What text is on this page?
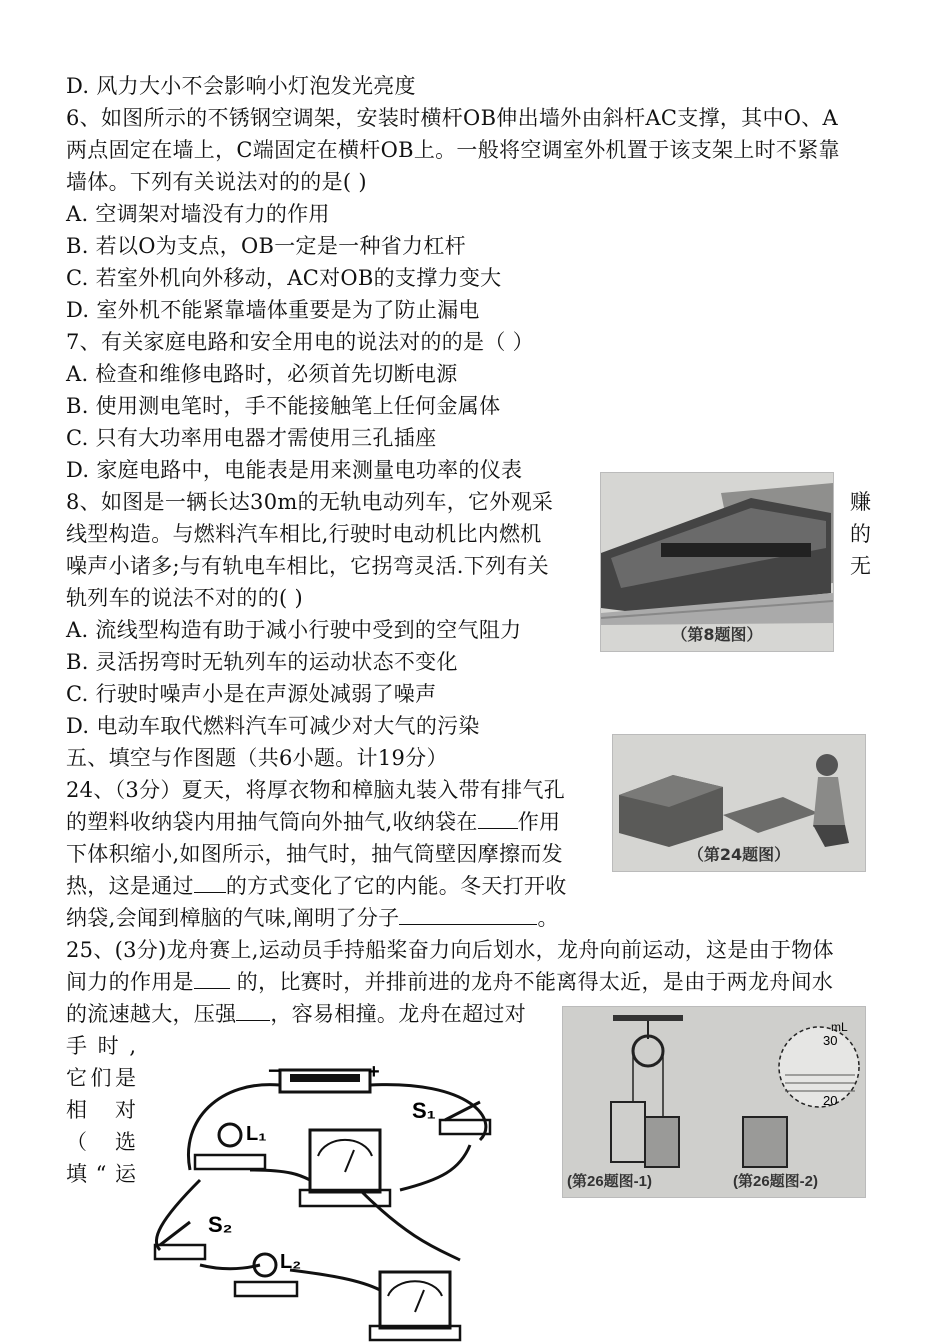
D. 风力大小不会影响小灯泡发光亮度
6、如图所示的不锈钢空调架，安装时横杆OB伸出墙外由斜杆AC支撑，其中O、A
两点固定在墙上，C端固定在横杆OB上。一般将空调室外机置于该支架上时不紧靠
墙体。下列有关说法对的的是( )
A. 空调架对墙没有力的作用
B. 若以O为支点，OB一定是一种省力杠杆
C. 若室外机向外移动，AC对OB的支撑力变大
D. 室外机不能紧靠墙体重要是为了防止漏电
7、有关家庭电路和安全用电的说法对的的是（ ）
A. 检查和维修电路时，必须首先切断电源
B. 使用测电笔时，手不能接触笔上任何金属体
C. 只有大功率用电器才需使用三孔插座
D. 家庭电路中，电能表是用来测量电功率的仪表
8、如图是一辆长达30m的无轨电动列车，它外观采
线型构造。与燃料汽车相比,行驶时电动机比内燃机
噪声小诸多;与有轨电车相比，它拐弯灵活.下列有关
轨列车的说法不对的的( )
A. 流线型构造有助于减小行驶中受到的空气阻力
B. 灵活拐弯时无轨列车的运动状态不变化
C. 行驶时噪声小是在声源处减弱了噪声
D. 电动车取代燃料汽车可减少对大气的污染
五、填空与作图题（共6小题。计19分）
24、（3分）夏天，将厚衣物和樟脑丸装入带有排气孔
的塑料收纳袋内用抽气筒向外抽气,收纳袋在 作用
下体积缩小,如图所示，抽气时，抽气筒壁因摩擦而发
热，这是通过 的方式变化了它的内能。冬天打开收
纳袋,会闻到樟脑的气味,阐明了分子	。
25、(3分)龙舟赛上,运动员手持船桨奋力向后划水，龙舟向前运动，这是由于物体
间力的作用是 的，比赛时，并排前进的龙舟不能离得太近，是由于两龙舟间水
的流速越大，压强 ，容易相撞。龙舟在超过对
赚
的
无
手 时 ,
它们是
相 对
（ 选
填“运
（第8题图）
（第24题图）
mL
30
20
(第26题图-1)	(第26题图-2)
−	+
L₁
S₁
S₂
L₂
